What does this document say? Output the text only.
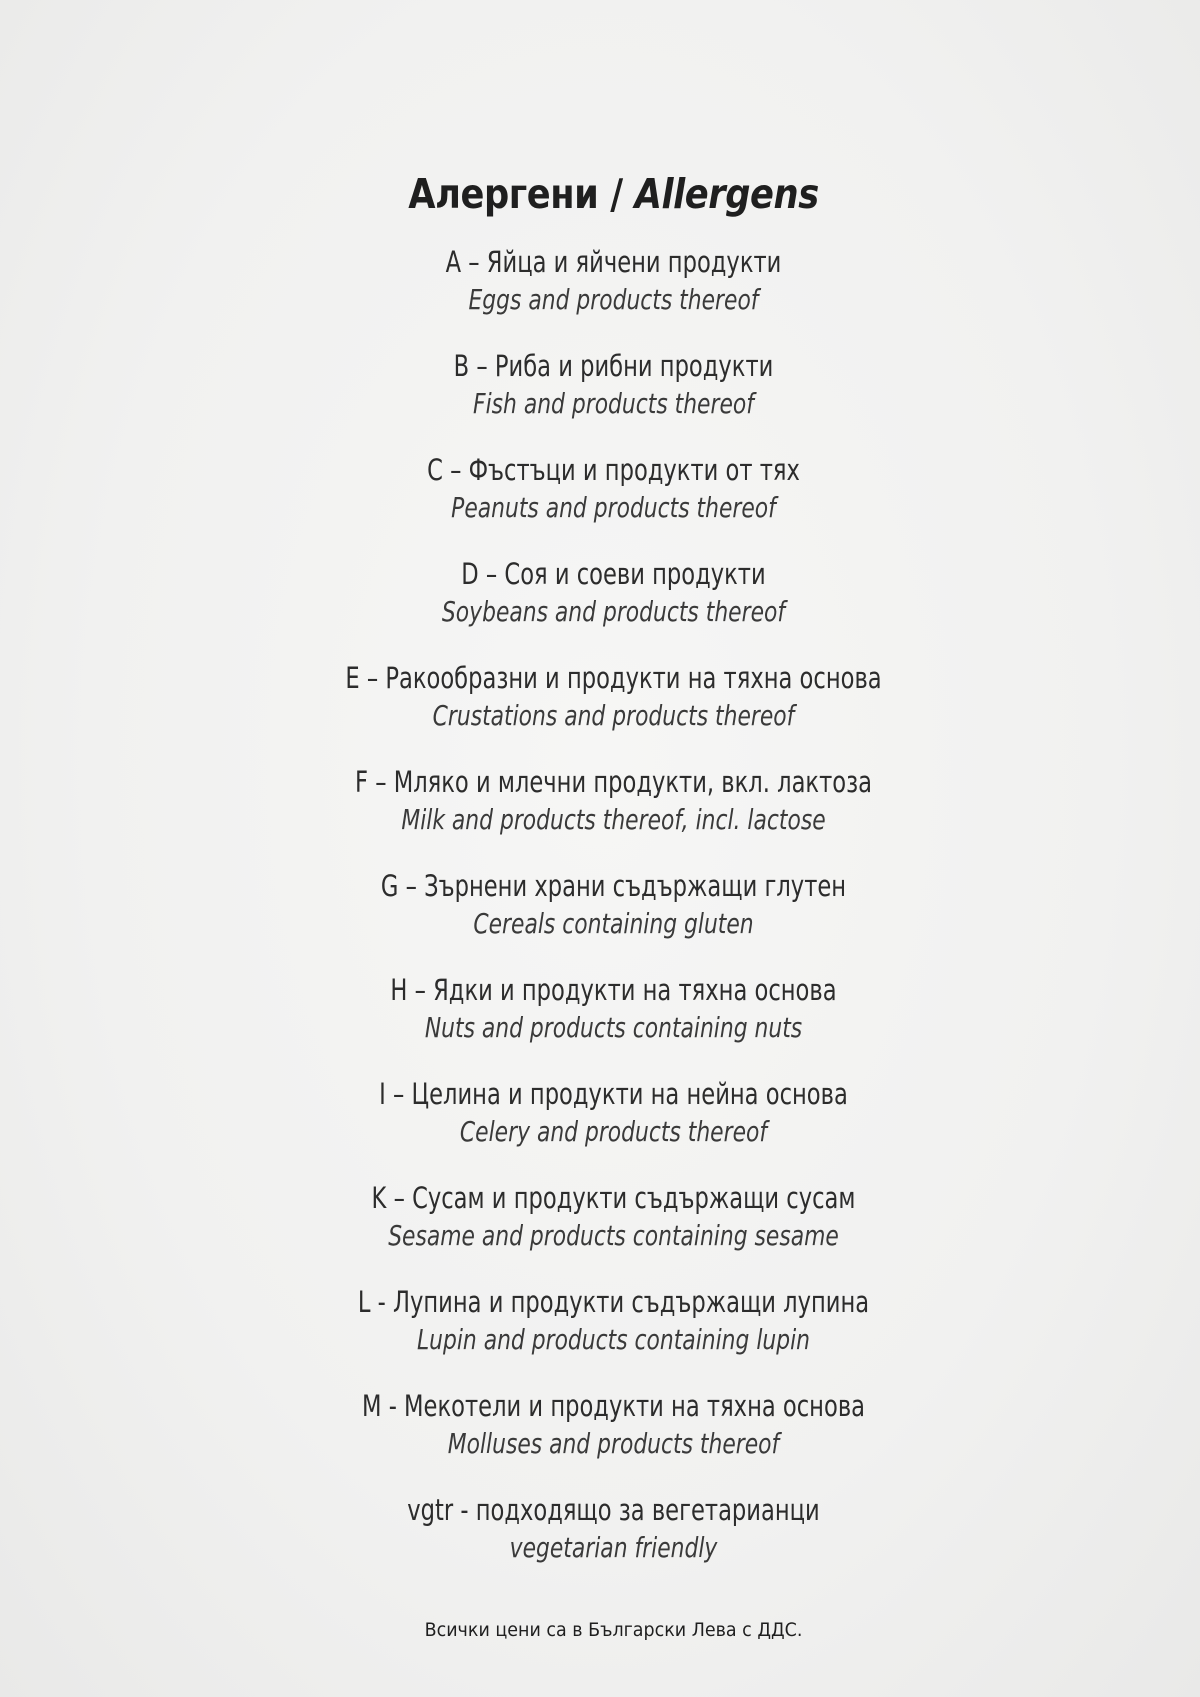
Алергени / Allergens
A – Яйца и яйчени продукти
Eggs and products thereof
B – Риба и рибни продукти
Fish and products thereof
C – Фъстъци и продукти от тях
Peanuts and products thereof
D – Соя и соеви продукти
Soybeans and products thereof
E – Ракообразни и продукти на тяхна основа
Crustations and products thereof
F – Мляко и млечни продукти, вкл. лактоза
Milk and products thereof, incl. lactose
G – Зърнени храни съдържащи глутен
Cereals containing gluten
H – Ядки и продукти на тяхна основа
Nuts and products containing nuts
I – Целина и продукти на нейна основа
Celery and products thereof
K – Сусам и продукти съдържащи сусам
Sesame and products containing sesame
L - Лупина и продукти съдържащи лупина
Lupin and products containing lupin
M - Мекотели и продукти на тяхна основа
Molluses and products thereof
vgtr - подходящо за вегетарианци
vegetarian friendly
Всички цени са в Български Лева с ДДС.
